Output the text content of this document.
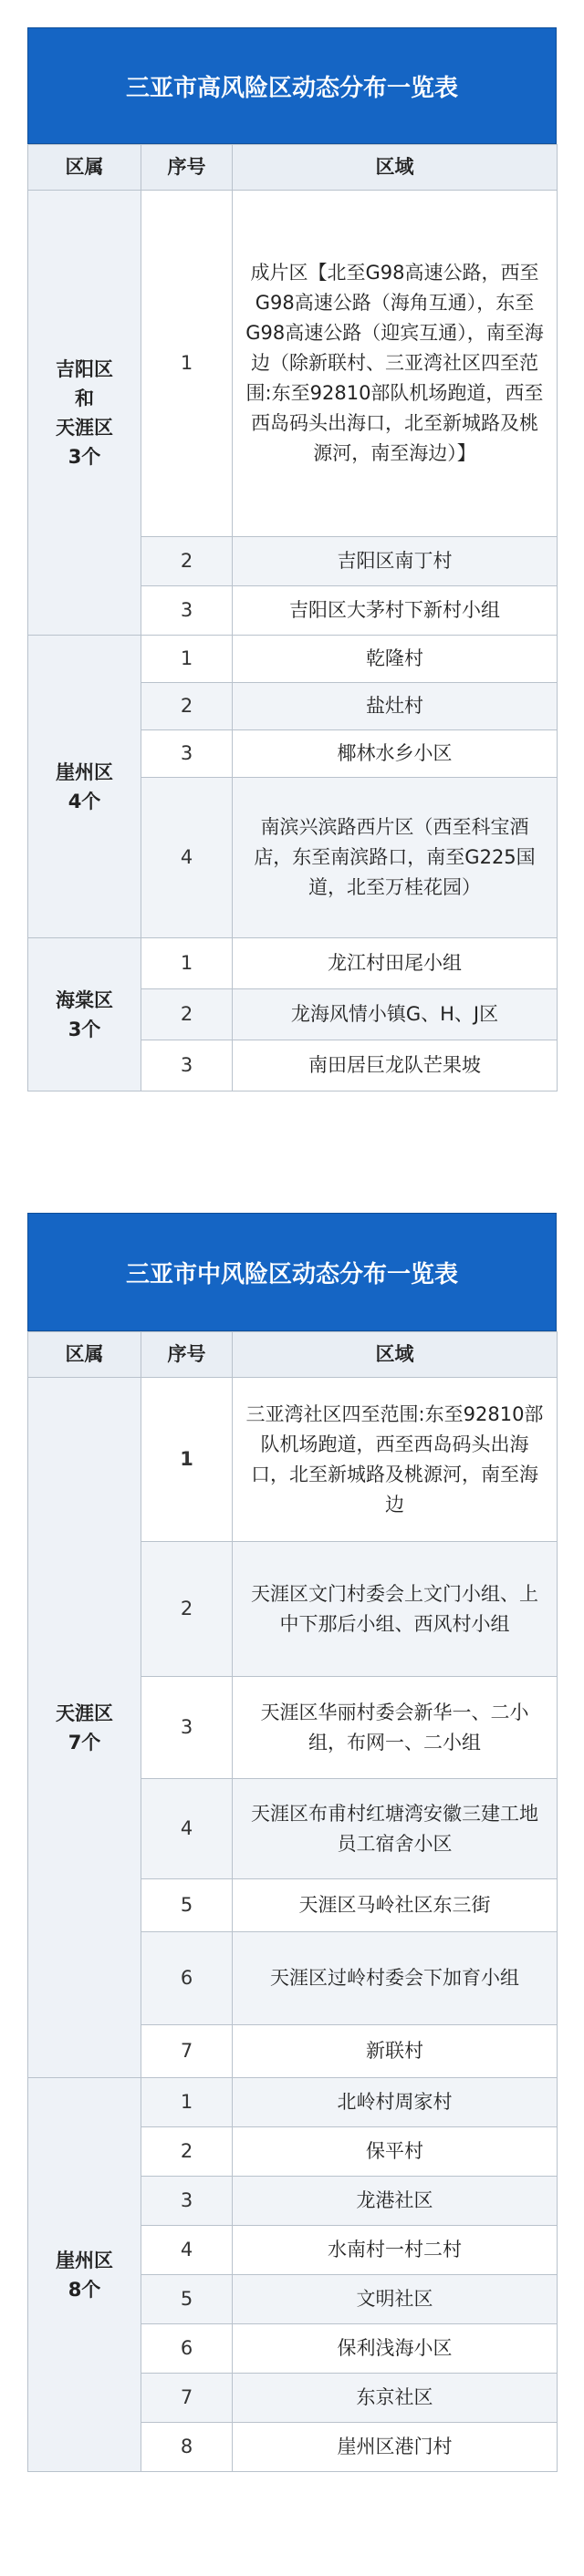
三亚市高风险区动态分布一览表
区属	序号	区域

吉阳区
和
天涯区
3个	1	成片区【北至G98高速公路，西至G98高速公路（海角互通），东至G98高速公路（迎宾互通），南至海边（除新联村、三亚湾社区四至范围:东至92810部队机场跑道，西至西岛码头出海口，北至新城路及桃源河，南至海边）】
	2	吉阳区南丁村
	3	吉阳区大茅村下新村小组

崖州区
4个	1	乾隆村
	2	盐灶村
	3	椰林水乡小区
	4	南滨兴滨路西片区（西至科宝酒店，东至南滨路口，南至G225国道，北至万桂花园）

海棠区
3个	1	龙江村田尾小组
	2	龙海风情小镇G、H、J区
	3	南田居巨龙队芒果坡
三亚市中风险区动态分布一览表
区属	序号	区域

天涯区
7个	1	三亚湾社区四至范围:东至92810部队机场跑道，西至西岛码头出海口，北至新城路及桃源河，南至海边
	2	天涯区文门村委会上文门小组、上中下那后小组、西风村小组
	3	天涯区华丽村委会新华一、二小组，布网一、二小组
	4	天涯区布甫村红塘湾安徽三建工地员工宿舍小区
	5	天涯区马岭社区东三街
	6	天涯区过岭村委会下加育小组
	7	新联村

崖州区
8个	1	北岭村周家村
	2	保平村
	3	龙港社区
	4	水南村一村二村
	5	文明社区
	6	保利浅海小区
	7	东京社区
	8	崖州区港门村
